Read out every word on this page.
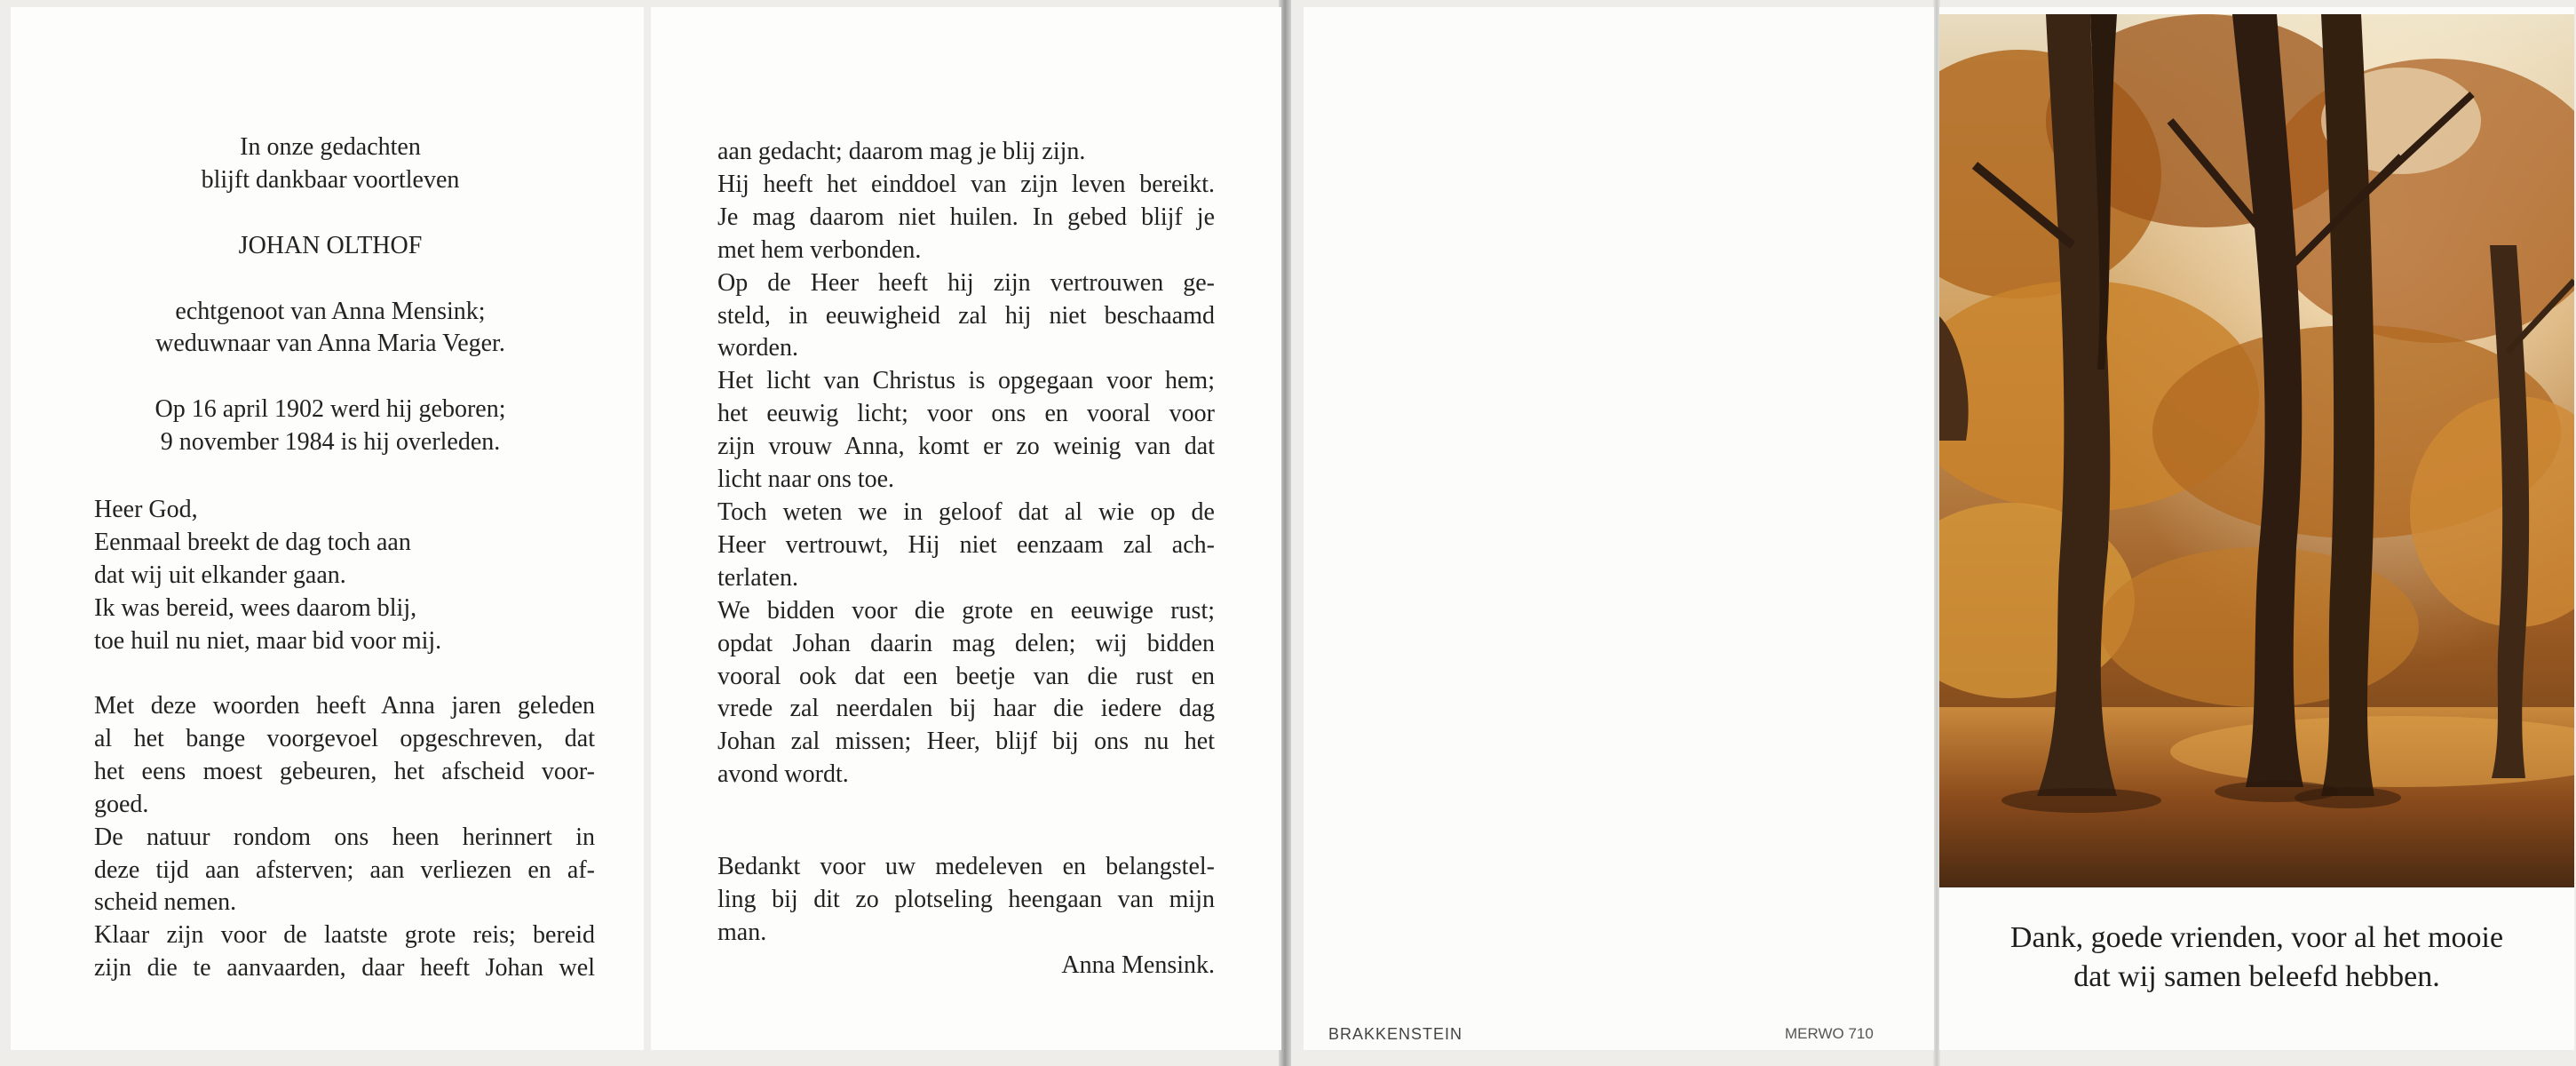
In onze gedachten
blijft dankbaar voortleven

JOHAN OLTHOF

echtgenoot van Anna Mensink;
weduwnaar van Anna Maria Veger.

Op 16 april 1902 werd hij geboren;
9 november 1984 is hij overleden.
Heer God,
Eenmaal breekt de dag toch aan
dat wij uit elkander gaan.
Ik was bereid, wees daarom blij,
toe huil nu niet, maar bid voor mij.
Met deze woorden heeft Anna jaren geleden
al het bange voorgevoel opgeschreven, dat
het eens moest gebeuren, het afscheid voor-
goed.
De natuur rondom ons heen herinnert in
deze tijd aan afsterven; aan verliezen en af-
scheid nemen.
Klaar zijn voor de laatste grote reis; bereid
zijn die te aanvaarden, daar heeft Johan wel
aan gedacht; daarom mag je blij zijn.
Hij heeft het einddoel van zijn leven bereikt.
Je mag daarom niet huilen. In gebed blijf je
met hem verbonden.
Op de Heer heeft hij zijn vertrouwen ge-
steld, in eeuwigheid zal hij niet beschaamd
worden.
Het licht van Christus is opgegaan voor hem;
het eeuwig licht; voor ons en vooral voor
zijn vrouw Anna, komt er zo weinig van dat
licht naar ons toe.
Toch weten we in geloof dat al wie op de
Heer vertrouwt, Hij niet eenzaam zal ach-
terlaten.
We bidden voor die grote en eeuwige rust;
opdat Johan daarin mag delen; wij bidden
vooral ook dat een beetje van die rust en
vrede zal neerdalen bij haar die iedere dag
Johan zal missen; Heer, blijf bij ons nu het
avond wordt.
Bedankt voor uw medeleven en belangstel-
ling bij dit zo plotseling heengaan van mijn
man.
Anna Mensink.
BRAKKENSTEIN	MERWO 710
Dank, goede vrienden, voor al het mooie
dat wij samen beleefd hebben.
